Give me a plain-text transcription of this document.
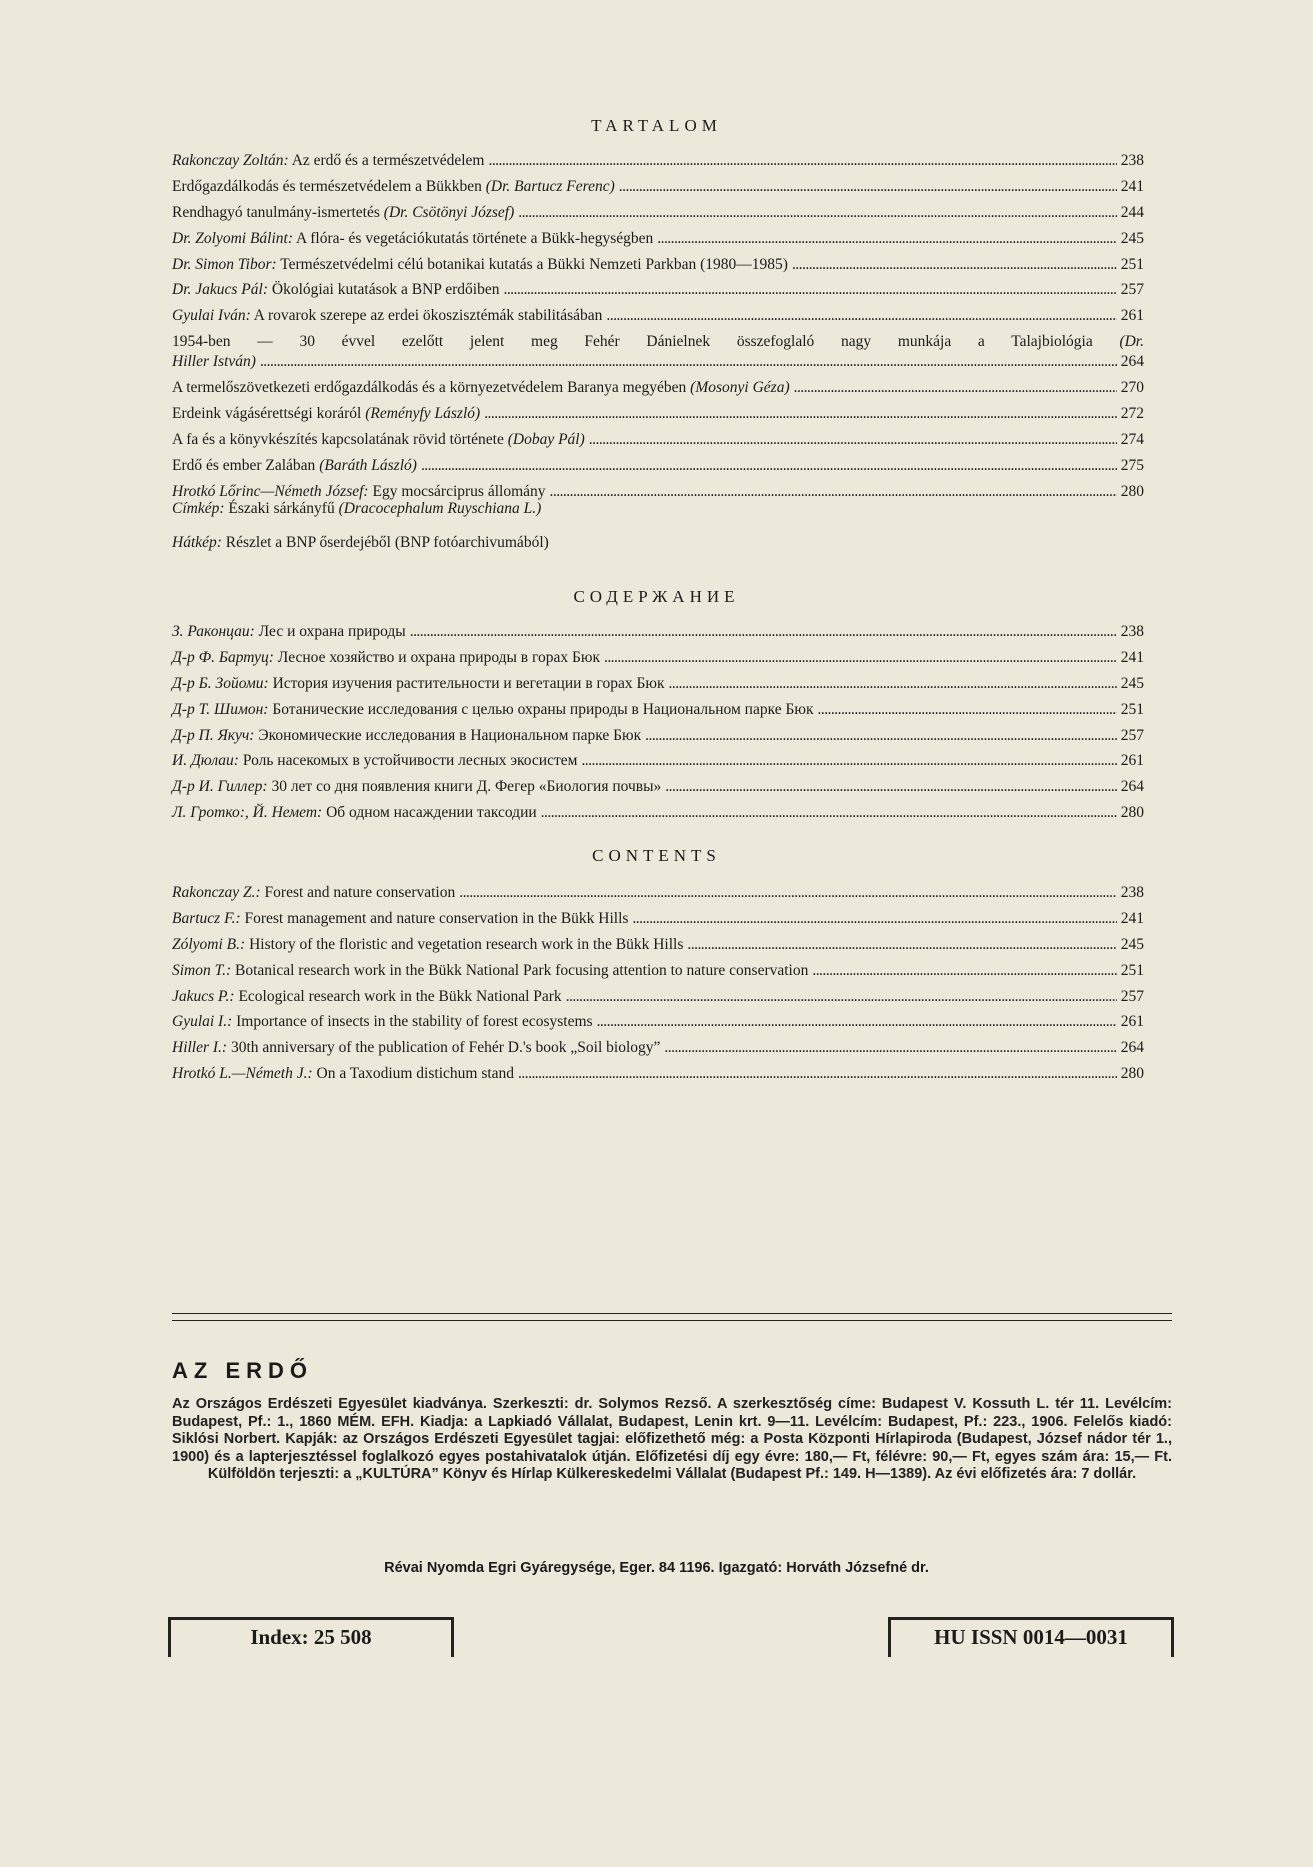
TARTALOM
Rakonczay Zoltán: Az erdő és a természetvédelem . . .	238
Erdőgazdálkodás és természetvédelem a Bükkben (Dr. Bartucz Ferenc) . . .	241
Rendhagyó tanulmány-ismertetés (Dr. Csötönyi József) . . .	244
Dr. Zolyomi Bálint: A flóra- és vegetációkutatás története a Bükk-hegységben . . .	245
Dr. Simon Tibor: Természetvédelmi célú botanikai kutatás a Bükki Nemzeti Parkban (1980—1985) . . .	251
Dr. Jakucs Pál: Ökológiai kutatások a BNP erdőiben . . .	257
Gyulai Iván: A rovarok szerepe az erdei ökoszisztémák stabilitásában . . .	261
1954-ben — 30 évvel ezelőtt jelent meg Fehér Dánielnek összefoglaló nagy munkája a Talajbiológia (Dr.
Hiller István) . . .	264
A termelőszövetkezeti erdőgazdálkodás és a környezetvédelem Baranya megyében (Mosonyi Géza) . . .	270
Erdeink vágásérettségi koráról (Reményfy László) . . .	272
A fa és a könyvkészítés kapcsolatának rövid története (Dobay Pál) . . .	274
Erdő és ember Zalában (Baráth László) . . .	275
Hrotkó Lőrinc—Németh József: Egy mocsárciprus állomány . . .	280
Címkép: Északi sárkányfű (Dracocephalum Ruyschiana L.)
Hátkép: Részlet a BNP őserdejéből (BNP fotóarchivumából)
СОДЕРЖАНИЕ
З. Раконцаи: Лес и охрана природы . . .	238
Д-р Ф. Бартуц: Лесное хозяйство и охрана природы в горах Бюк . . .	241
Д-р Б. Зойоми: История изучения растительности и вегетации в горах Бюк . . .	245
Д-р Т. Шимон: Ботанические исследования с целью охраны природы в Национальном парке Бюк . . .	251
Д-р П. Якуч: Экономические исследования в Национальном парке Бюк . . .	257
И. Дюлаи: Роль насекомых в устойчивости лесных экосистем . . .	261
Д-р И. Гиллер: 30 лет со дня появления книги Д. Фегер «Биология почвы» . . .	264
Л. Гротко:, Й. Немет: Об одном насаждении таксодии . . .	280
CONTENTS
Rakonczay Z.: Forest and nature conservation . . .	238
Bartucz F.: Forest management and nature conservation in the Bükk Hills . . .	241
Zólyomi B.: History of the floristic and vegetation research work in the Bükk Hills . . .	245
Simon T.: Botanical research work in the Bükk National Park focusing attention to nature conservation . . .	251
Jakucs P.: Ecological research work in the Bükk National Park . . .	257
Gyulai I.: Importance of insects in the stability of forest ecosystems . . .	261
Hiller I.: 30th anniversary of the publication of Fehér D.'s book „Soil biology” . . .	264
Hrotkó L.—Németh J.: On a Taxodium distichum stand . . .	280
AZ ERDŐ
Az Országos Erdészeti Egyesület kiadványa. Szerkeszti: dr. Solymos Rezső. A szerkesztőség címe: Budapest V. Kossuth L. tér 11. Levélcím: Budapest, Pf.: 1., 1860 MÉM. EFH. Kiadja: a Lapkiadó Vállalat, Budapest, Lenin krt. 9—11. Levélcím: Budapest, Pf.: 223., 1906. Felelős kiadó: Siklósi Norbert. Kapják: az Országos Erdészeti Egyesület tagjai: előfizethető még: a Posta Központi Hírlapiroda (Budapest, József nádor tér 1., 1900) és a lapterjesztéssel foglalkozó egyes postahivatalok útján. Előfizetési díj egy évre: 180,— Ft, félévre: 90,— Ft, egyes szám ára: 15,— Ft. Külföldön terjeszti: a „KULTÚRA” Könyv és Hírlap Külkereskedelmi Vállalat (Budapest Pf.: 149. H—1389). Az évi előfizetés ára: 7 dollár.
Révai Nyomda Egri Gyáregysége, Eger. 84 1196. Igazgató: Horváth Józsefné dr.
Index: 25 508	HU ISSN 0014—0031
